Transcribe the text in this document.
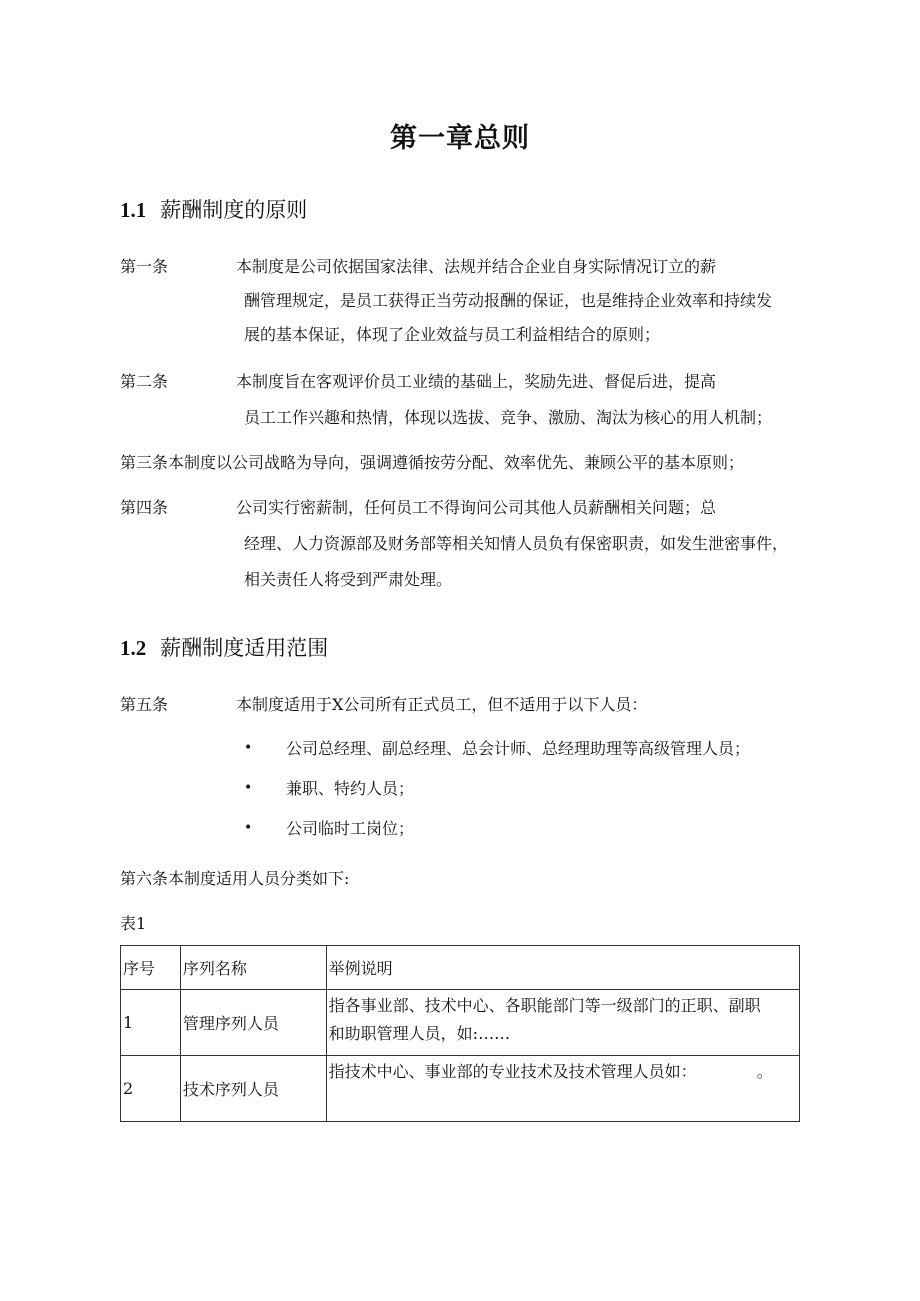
第一章总则
1.1 薪酬制度的原则
第一条	本制度是公司依据国家法律、法规并结合企业自身实际情况订立的薪
酬管理规定，是员工获得正当劳动报酬的保证，也是维持企业效率和持续发
展的基本保证，体现了企业效益与员工利益相结合的原则；
第二条	本制度旨在客观评价员工业绩的基础上，奖励先进、督促后进，提高
员工工作兴趣和热情，体现以选拔、竞争、激励、淘汰为核心的用人机制；
第三条本制度以公司战略为导向，强调遵循按劳分配、效率优先、兼顾公平的基本原则；
第四条	公司实行密薪制，任何员工不得询问公司其他人员薪酬相关问题；总
经理、人力资源部及财务部等相关知情人员负有保密职责，如发生泄密事件，
相关责任人将受到严肃处理。
1.2 薪酬制度适用范围
第五条	本制度适用于X公司所有正式员工，但不适用于以下人员：
• 公司总经理、副总经理、总会计师、总经理助理等高级管理人员；
• 兼职、特约人员；
• 公司临时工岗位；
第六条本制度适用人员分类如下:
表1
序号	序列名称	举例说明
1	管理序列人员	指各事业部、技术中心、各职能部门等一级部门的正职、副职
和助职管理人员，如:……

2	技术序列人员	指技术中心、事业部的专业技术及技术管理人员如： 。
